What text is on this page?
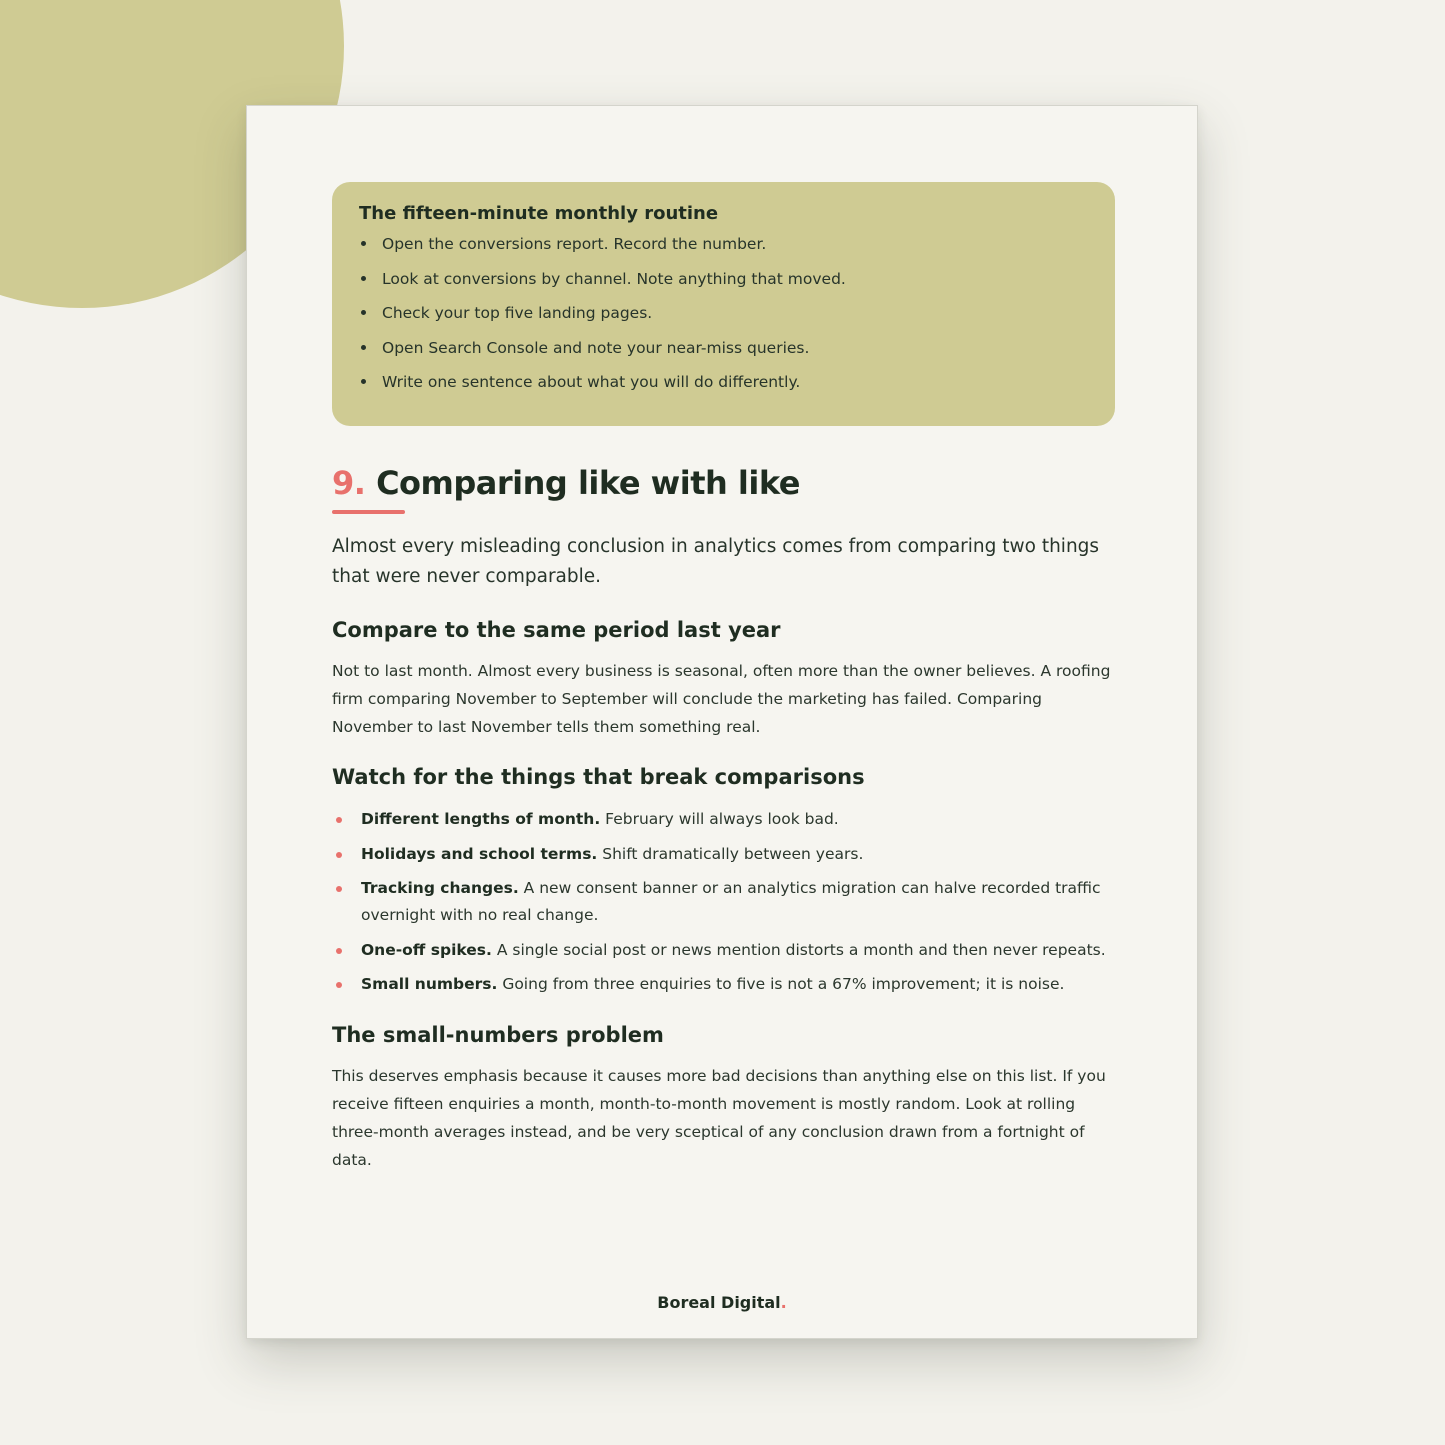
The fifteen-minute monthly routine
Open the conversions report. Record the number.
Look at conversions by channel. Note anything that moved.
Check your top five landing pages.
Open Search Console and note your near-miss queries.
Write one sentence about what you will do differently.
9. Comparing like with like

Almost every misleading conclusion in analytics comes from comparing two things that were never comparable.

Compare to the same period last year

Not to last month. Almost every business is seasonal, often more than the owner believes. A roofing firm comparing November to September will conclude the marketing has failed. Comparing November to last November tells them something real.

Watch for the things that break comparisons
Different lengths of month. February will always look bad.
Holidays and school terms. Shift dramatically between years.
Tracking changes. A new consent banner or an analytics migration can halve recorded traffic overnight with no real change.
One-off spikes. A single social post or news mention distorts a month and then never repeats.
Small numbers. Going from three enquiries to five is not a 67% improvement; it is noise.
The small-numbers problem

This deserves emphasis because it causes more bad decisions than anything else on this list. If you receive fifteen enquiries a month, month-to-month movement is mostly random. Look at rolling three-month averages instead, and be very sceptical of any conclusion drawn from a fortnight of data.

Boreal Digital.
